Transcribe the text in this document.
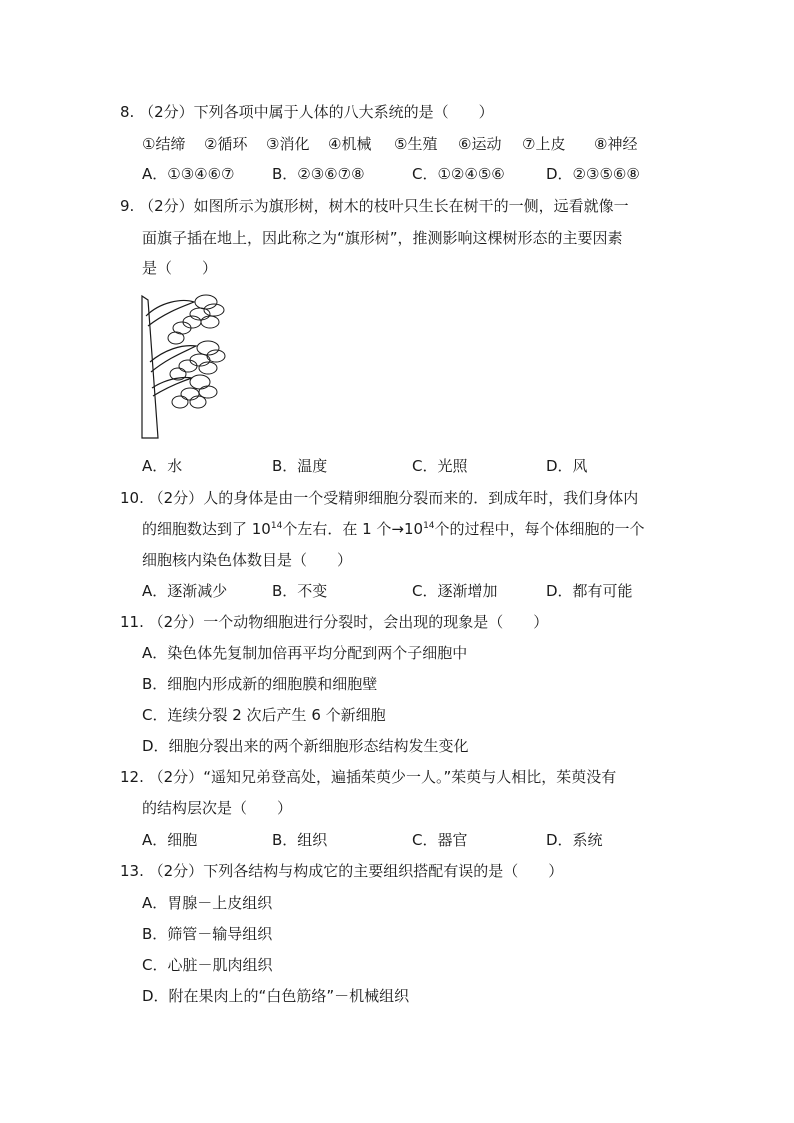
8. （2分）下列各项中属于人体的八大系统的是（　　）
①结缔 ②循环 ③消化 ④机械 ⑤生殖 ⑥运动 ⑦上皮 ⑧神经
A．①③④⑥⑦	B．②③⑥⑦⑧	C．①②④⑤⑥	D．②③⑤⑥⑧
9. （2分）如图所示为旗形树，树木的枝叶只生长在树干的一侧，远看就像一
面旗子插在地上，因此称之为“旗形树”，推测影响这棵树形态的主要因素
是（　　）
A．水	B．温度	C．光照	D．风
10. （2分）人的身体是由一个受精卵细胞分裂而来的．到成年时，我们身体内
的细胞数达到了 $10^{14}$个左右．在 1 个$\to 10^{14}$个的过程中，每个体细胞的一个
细胞核内染色体数目是（　　）
A．逐渐减少	B．不变	C．逐渐增加	D．都有可能
11. （2分）一个动物细胞进行分裂时，会出现的现象是（　　）
A．染色体先复制加倍再平均分配到两个子细胞中
B．细胞内形成新的细胞膜和细胞壁
C．连续分裂 2 次后产生 6 个新细胞
D．细胞分裂出来的两个新细胞形态结构发生变化
12. （2分）“遥知兄弟登高处，遍插茱萸少一人。”茱萸与人相比，茱萸没有
的结构层次是（　　）
A．细胞	B．组织	C．器官	D．系统
13. （2分）下列各结构与构成它的主要组织搭配有误的是（　　）
A．胃腺－上皮组织
B．筛管－输导组织
C．心脏－肌肉组织
D．附在果肉上的“白色筋络”－机械组织
